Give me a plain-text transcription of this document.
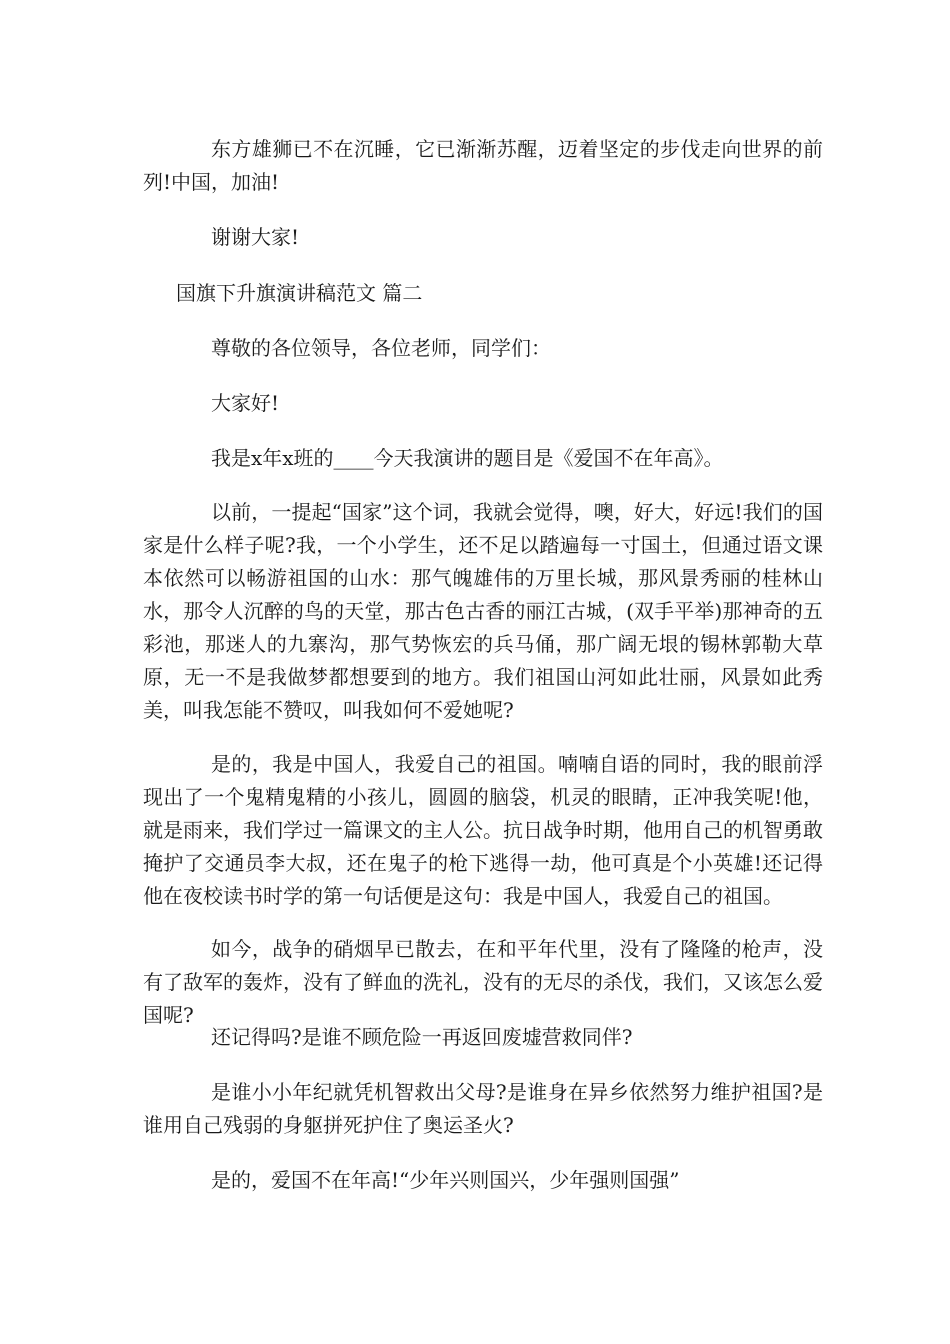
东方雄狮已不在沉睡，它已渐渐苏醒，迈着坚定的步伐走向世界的前列!中国，加油!

谢谢大家!

国旗下升旗演讲稿范文 篇二

尊敬的各位领导，各位老师，同学们：

大家好!

我是x年x班的____今天我演讲的题目是《爱国不在年高》。

以前，一提起“国家”这个词，我就会觉得，噢，好大，好远!我们的国家是什么样子呢?我，一个小学生，还不足以踏遍每一寸国土，但通过语文课本依然可以畅游祖国的山水：那气魄雄伟的万里长城，那风景秀丽的桂林山水，那令人沉醉的鸟的天堂，那古色古香的丽江古城，(双手平举)那神奇的五彩池，那迷人的九寨沟，那气势恢宏的兵马俑，那广阔无垠的锡林郭勒大草原，无一不是我做梦都想要到的地方。我们祖国山河如此壮丽，风景如此秀美，叫我怎能不赞叹，叫我如何不爱她呢?

是的，我是中国人，我爱自己的祖国。喃喃自语的同时，我的眼前浮现出了一个鬼精鬼精的小孩儿，圆圆的脑袋，机灵的眼睛，正冲我笑呢!他，就是雨来，我们学过一篇课文的主人公。抗日战争时期，他用自己的机智勇敢掩护了交通员李大叔，还在鬼子的枪下逃得一劫，他可真是个小英雄!还记得他在夜校读书时学的第一句话便是这句：我是中国人，我爱自己的祖国。

如今，战争的硝烟早已散去，在和平年代里，没有了隆隆的枪声，没有了敌军的轰炸，没有了鲜血的洗礼，没有的无尽的杀伐，我们，又该怎么爱国呢?

还记得吗?是谁不顾危险一再返回废墟营救同伴?

是谁小小年纪就凭机智救出父母?是谁身在异乡依然努力维护祖国?是谁用自己残弱的身躯拼死护住了奥运圣火?

是的，爱国不在年高!“少年兴则国兴，少年强则国强”
